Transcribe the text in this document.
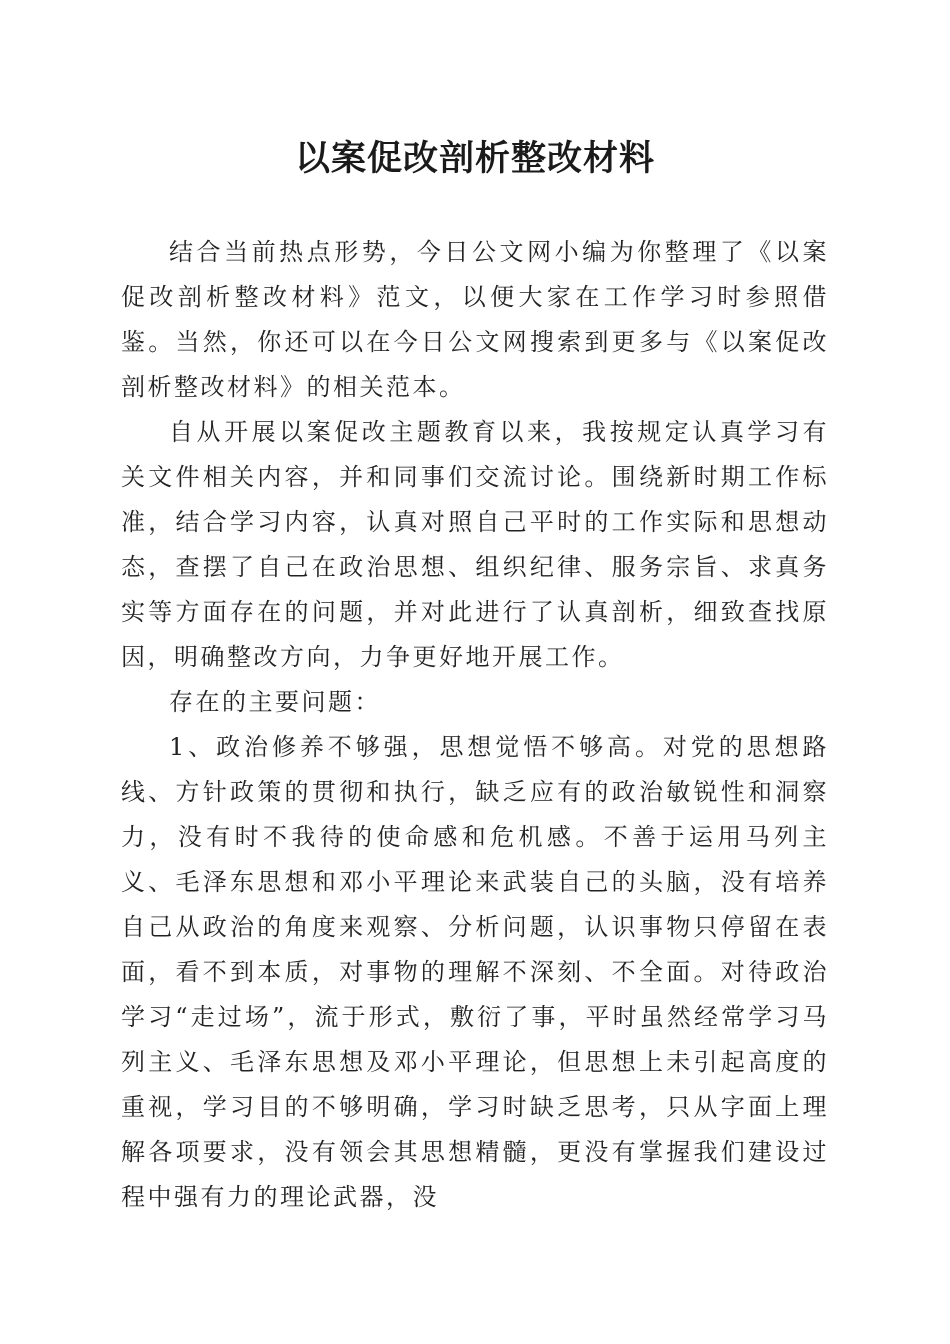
以案促改剖析整改材料

结合当前热点形势，今日公文网小编为你整理了《以案促改剖析整改材料》范文，以便大家在工作学习时参照借鉴。当然，你还可以在今日公文网搜索到更多与《以案促改剖析整改材料》的相关范本。

自从开展以案促改主题教育以来，我按规定认真学习有关文件相关内容，并和同事们交流讨论。围绕新时期工作标准，结合学习内容，认真对照自己平时的工作实际和思想动态，查摆了自己在政治思想、组织纪律、服务宗旨、求真务实等方面存在的问题，并对此进行了认真剖析，细致查找原因，明确整改方向，力争更好地开展工作。

存在的主要问题：

1、政治修养不够强，思想觉悟不够高。对党的思想路线、方针政策的贯彻和执行，缺乏应有的政治敏锐性和洞察力，没有时不我待的使命感和危机感。不善于运用马列主义、毛泽东思想和邓小平理论来武装自己的头脑，没有培养自己从政治的角度来观察、分析问题，认识事物只停留在表面，看不到本质，对事物的理解不深刻、不全面。对待政治学习“走过场”，流于形式，敷衍了事，平时虽然经常学习马列主义、毛泽东思想及邓小平理论，但思想上未引起高度的重视，学习目的不够明确，学习时缺乏思考，只从字面上理解各项要求，没有领会其思想精髓，更没有掌握我们建设过程中强有力的理论武器，没
